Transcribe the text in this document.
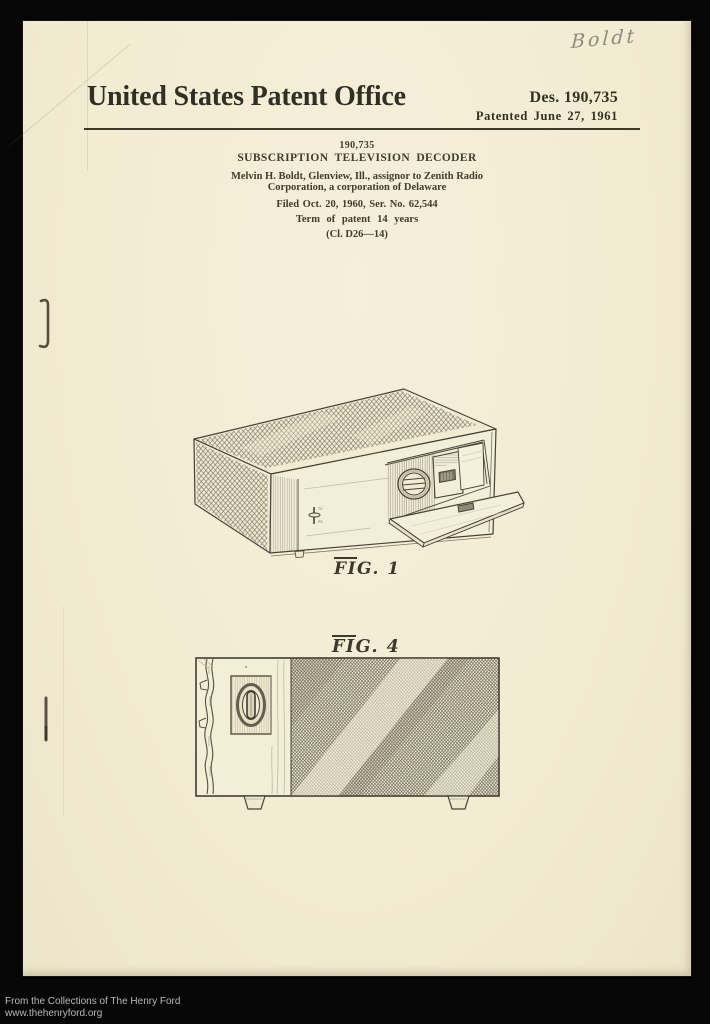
Boldt
United States Patent Office	Des. 190,735
Patented June 27, 1961
190,735
SUBSCRIPTION TELEVISION DECODER
Melvin H. Boldt, Glenview, Ill., assignor to Zenith Radio
Corporation, a corporation of Delaware
Filed Oct. 20, 1960, Ser. No. 62,544
Term of patent 14 years
(Cl. D26—14)
TV
PS
FIG. 1
FIG. 4
From the Collections of The Henry Ford
www.thehenryford.org
